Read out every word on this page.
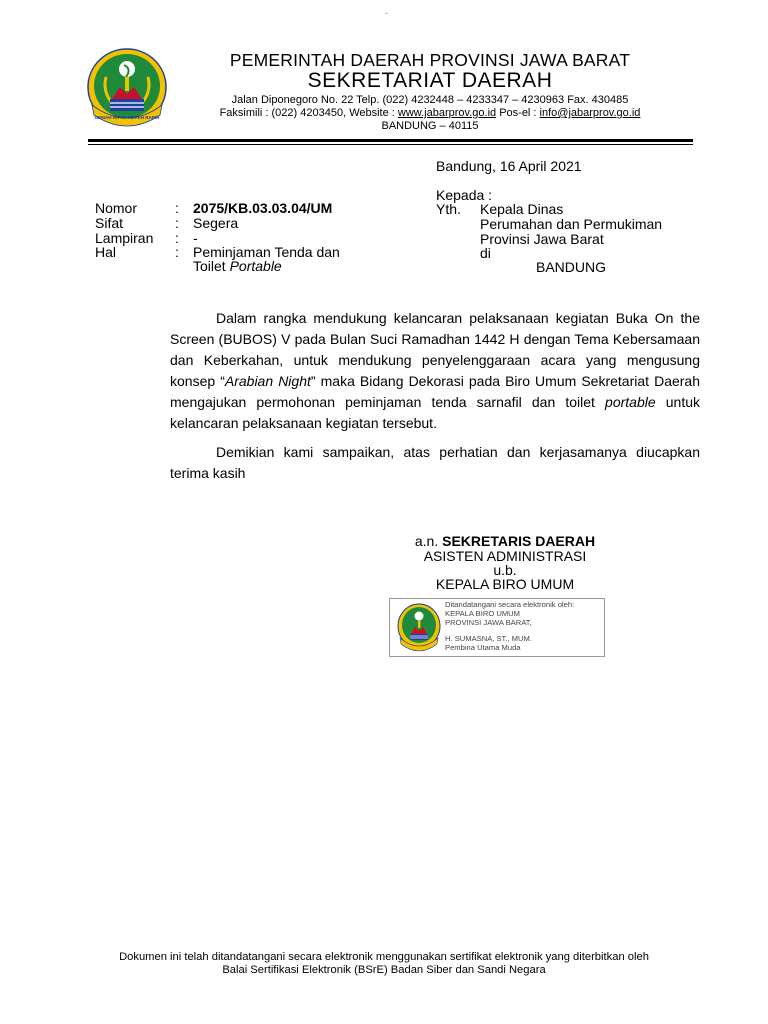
-
GEMAH RIPAH REPEH RAPIH
PEMERINTAH DAERAH PROVINSI JAWA BARAT
SEKRETARIAT DAERAH
Jalan Diponegoro No. 22 Telp. (022) 4232448 – 4233347 – 4230963 Fax. 430485
Faksimili : (022) 4203450, Website : www.jabarprov.go.id Pos-el : info@jabarprov.go.id
BANDUNG – 40115
Bandung, 16 April 2021
Nomor	: 2075/KB.03.03.04/UM
Sifat	: Segera
Lampiran : -
Hal	: Peminjaman Tenda dan
Toilet Portable
Kepada :
Yth. Kepala Dinas
Perumahan dan Permukiman
Provinsi Jawa Barat
di
BANDUNG

Dalam rangka mendukung kelancaran pelaksanaan kegiatan Buka On the Screen (BUBOS) V pada Bulan Suci Ramadhan 1442 H dengan Tema Kebersamaan dan Keberkahan, untuk mendukung penyelenggaraan acara yang mengusung konsep “Arabian Night” maka Bidang Dekorasi pada Biro Umum Sekretariat Daerah mengajukan permohonan peminjaman tenda sarnafil dan toilet portable untuk kelancaran pelaksanaan kegiatan tersebut.

Demikian kami sampaikan, atas perhatian dan kerjasamanya diucapkan terima kasih

a.n. SEKRETARIS DAERAH
ASISTEN ADMINISTRASI
u.b.
KEPALA BIRO UMUM
Ditandatangani secara elektronik oleh:
KEPALA BIRO UMUM
PROVINSI JAWA BARAT,
H. SUMASNA, ST., MUM.
Pembina Utama Muda
Dokumen ini telah ditandatangani secara elektronik menggunakan sertifikat elektronik yang diterbitkan oleh
Balai Sertifikasi Elektronik (BSrE) Badan Siber dan Sandi Negara
